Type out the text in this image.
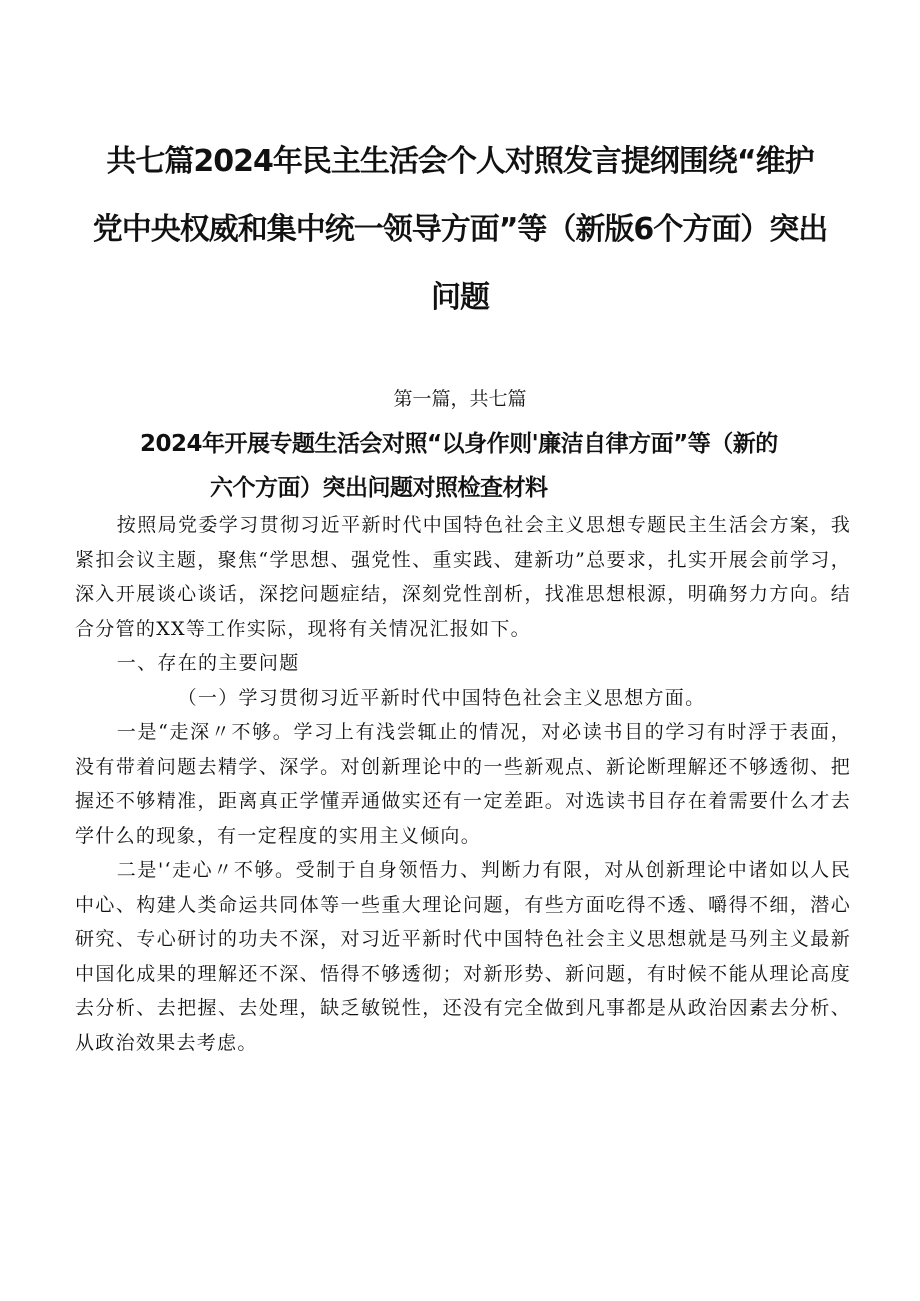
共七篇2024年民主生活会个人对照发言提纲围绕“维护
党中央权威和集中统一领导方面”等（新版6个方面）突出
问题

第一篇，共七篇

2024年开展专题生活会对照“以身作则'廉洁自律方面”等（新的
六个方面）突出问题对照检查材料

按照局党委学习贯彻习近平新时代中国特色社会主义思想专题民主生活会方案，我紧扣会议主题，聚焦“学思想、强党性、重实践、建新功”总要求，扎实开展会前学习，深入开展谈心谈话，深挖问题症结，深刻党性剖析，找准思想根源，明确努力方向。结合分管的XX等工作实际，现将有关情况汇报如下。

一、存在的主要问题

（一）学习贯彻习近平新时代中国特色社会主义思想方面。

一是“走深〃不够。学习上有浅尝辄止的情况，对必读书目的学习有时浮于表面，没有带着问题去精学、深学。对创新理论中的一些新观点、新论断理解还不够透彻、把握还不够精准，距离真正学懂弄通做实还有一定差距。对选读书目存在着需要什么才去学什么的现象，有一定程度的实用主义倾向。

二是'‘走心〃不够。受制于自身领悟力、判断力有限，对从创新理论中诸如以人民中心、构建人类命运共同体等一些重大理论问题，有些方面吃得不透、嚼得不细，潜心研究、专心研讨的功夫不深，对习近平新时代中国特色社会主义思想就是马列主义最新中国化成果的理解还不深、悟得不够透彻；对新形势、新问题，有时候不能从理论高度去分析、去把握、去处理，缺乏敏锐性，还没有完全做到凡事都是从政治因素去分析、从政治效果去考虑。
